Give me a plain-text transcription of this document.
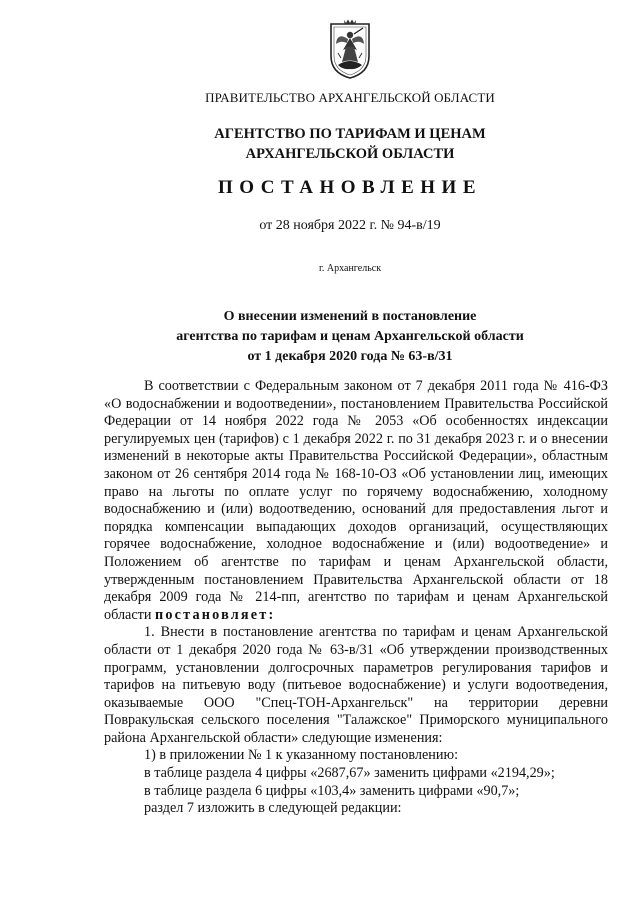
ПРАВИТЕЛЬСТВО АРХАНГЕЛЬСКОЙ ОБЛАСТИ
АГЕНТСТВО ПО ТАРИФАМ И ЦЕНАМ
АРХАНГЕЛЬСКОЙ ОБЛАСТИ
ПОСТАНОВЛЕНИЕ
от 28 ноября 2022 г. № 94-в/19
г. Архангельск
О внесении изменений в постановление
агентства по тарифам и ценам Архангельской области
от 1 декабря 2020 года № 63-в/31

В соответствии с Федеральным законом от 7 декабря 2011 года № 416-ФЗ «О водоснабжении и водоотведении», постановлением Правительства Российской Федерации от 14 ноября 2022 года № 2053 «Об особенностях индексации регулируемых цен (тарифов) с 1 декабря 2022 г. по 31 декабря 2023 г. и о внесении изменений в некоторые акты Правительства Российской Федерации», областным законом от 26 сентября 2014 года № 168-10-ОЗ «Об установлении лиц, имеющих право на льготы по оплате услуг по горячему водоснабжению, холодному водоснабжению и (или) водоотведению, оснований для предоставления льгот и порядка компенсации выпадающих доходов организаций, осуществляющих горячее водоснабжение, холодное водоснабжение и (или) водоотведение» и Положением об агентстве по тарифам и ценам Архангельской области, утвержденным постановлением Правительства Архангельской области от 18 декабря 2009 года № 214-пп, агентство по тарифам и ценам Архангельской области постановляет:

1. Внести в постановление агентства по тарифам и ценам Архангельской области от 1 декабря 2020 года № 63-в/31 «Об утверждении производственных программ, установлении долгосрочных параметров регулирования тарифов и тарифов на питьевую воду (питьевое водоснабжение) и услуги водоотведения, оказываемые ООО "Спец-ТОН-Архангельск" на территории деревни Повракульская сельского поселения "Талажское" Приморского муниципального района Архангельской области» следующие изменения:

1) в приложении № 1 к указанному постановлению:

в таблице раздела 4 цифры «2687,67» заменить цифрами «2194,29»;

в таблице раздела 6 цифры «103,4» заменить цифрами «90,7»;

раздел 7 изложить в следующей редакции:
